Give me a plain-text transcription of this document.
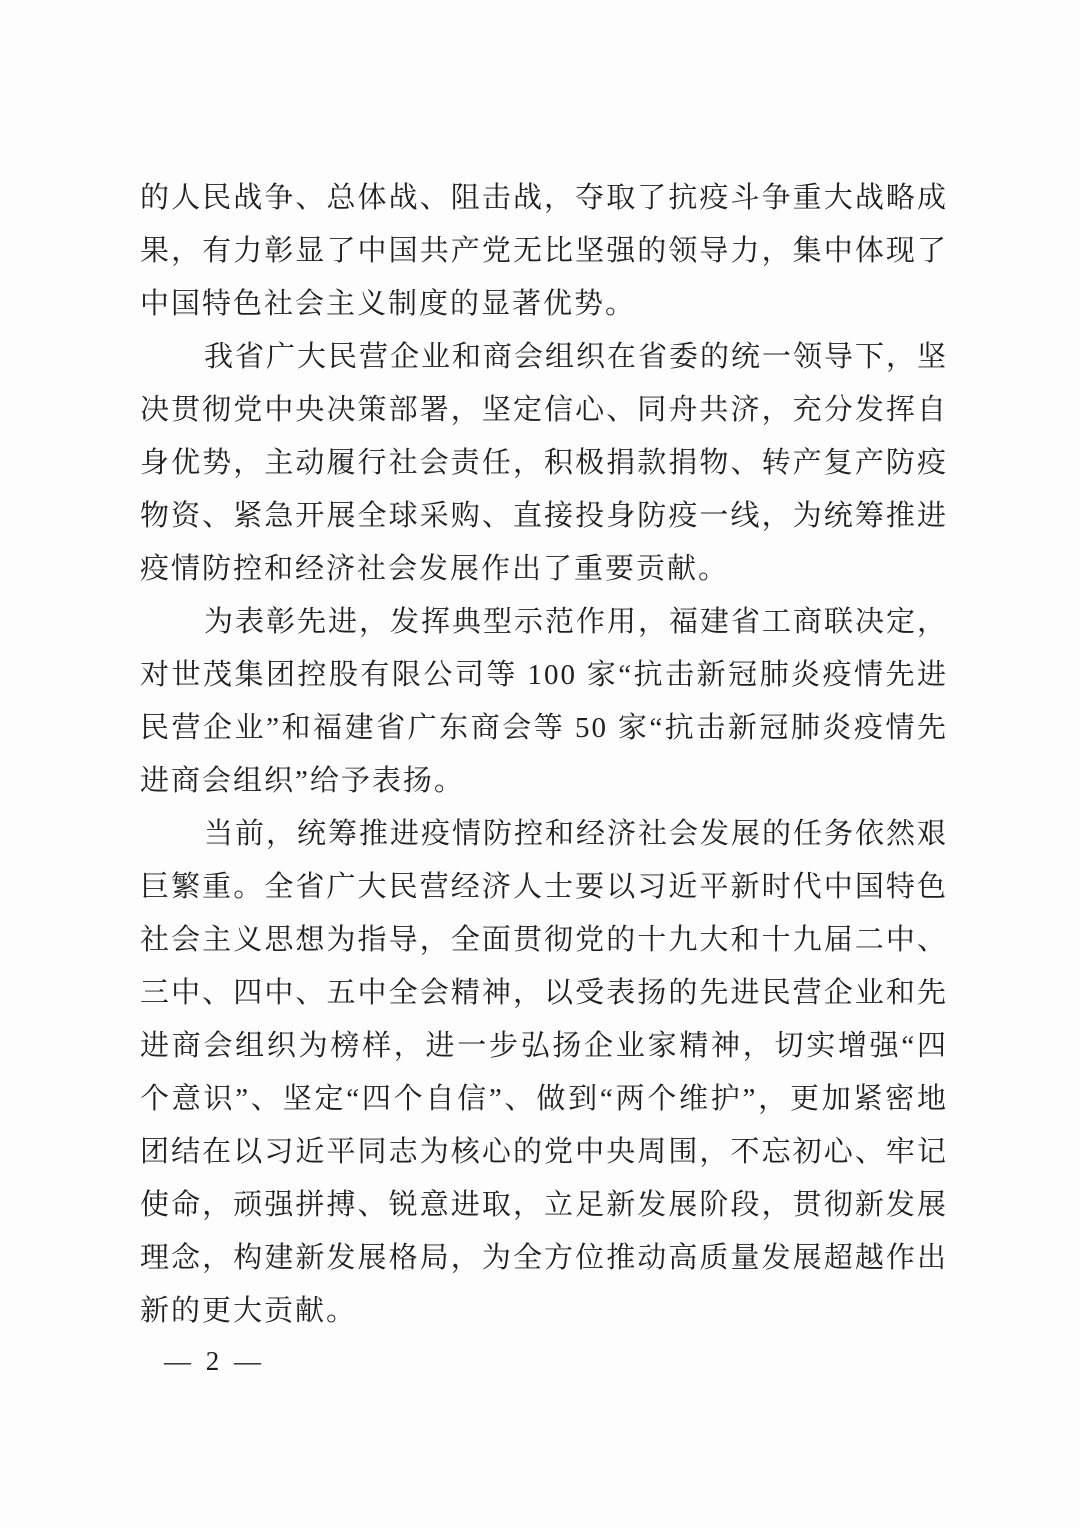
的人民战争、总体战、阻击战，夺取了抗疫斗争重大战略成果，有力彰显了中国共产党无比坚强的领导力，集中体现了中国特色社会主义制度的显著优势。

我省广大民营企业和商会组织在省委的统一领导下，坚决贯彻党中央决策部署，坚定信心、同舟共济，充分发挥自身优势，主动履行社会责任，积极捐款捐物、转产复产防疫物资、紧急开展全球采购、直接投身防疫一线，为统筹推进疫情防控和经济社会发展作出了重要贡献。

为表彰先进，发挥典型示范作用，福建省工商联决定，对世茂集团控股有限公司等 100 家“抗击新冠肺炎疫情先进民营企业”和福建省广东商会等 50 家“抗击新冠肺炎疫情先进商会组织”给予表扬。

当前，统筹推进疫情防控和经济社会发展的任务依然艰巨繁重。全省广大民营经济人士要以习近平新时代中国特色社会主义思想为指导，全面贯彻党的十九大和十九届二中、三中、四中、五中全会精神，以受表扬的先进民营企业和先进商会组织为榜样，进一步弘扬企业家精神，切实增强“四个意识”、坚定“四个自信”、做到“两个维护”，更加紧密地团结在以习近平同志为核心的党中央周围，不忘初心、牢记使命，顽强拼搏、锐意进取，立足新发展阶段，贯彻新发展理念，构建新发展格局，为全方位推动高质量发展超越作出新的更大贡献。

— 2 —
